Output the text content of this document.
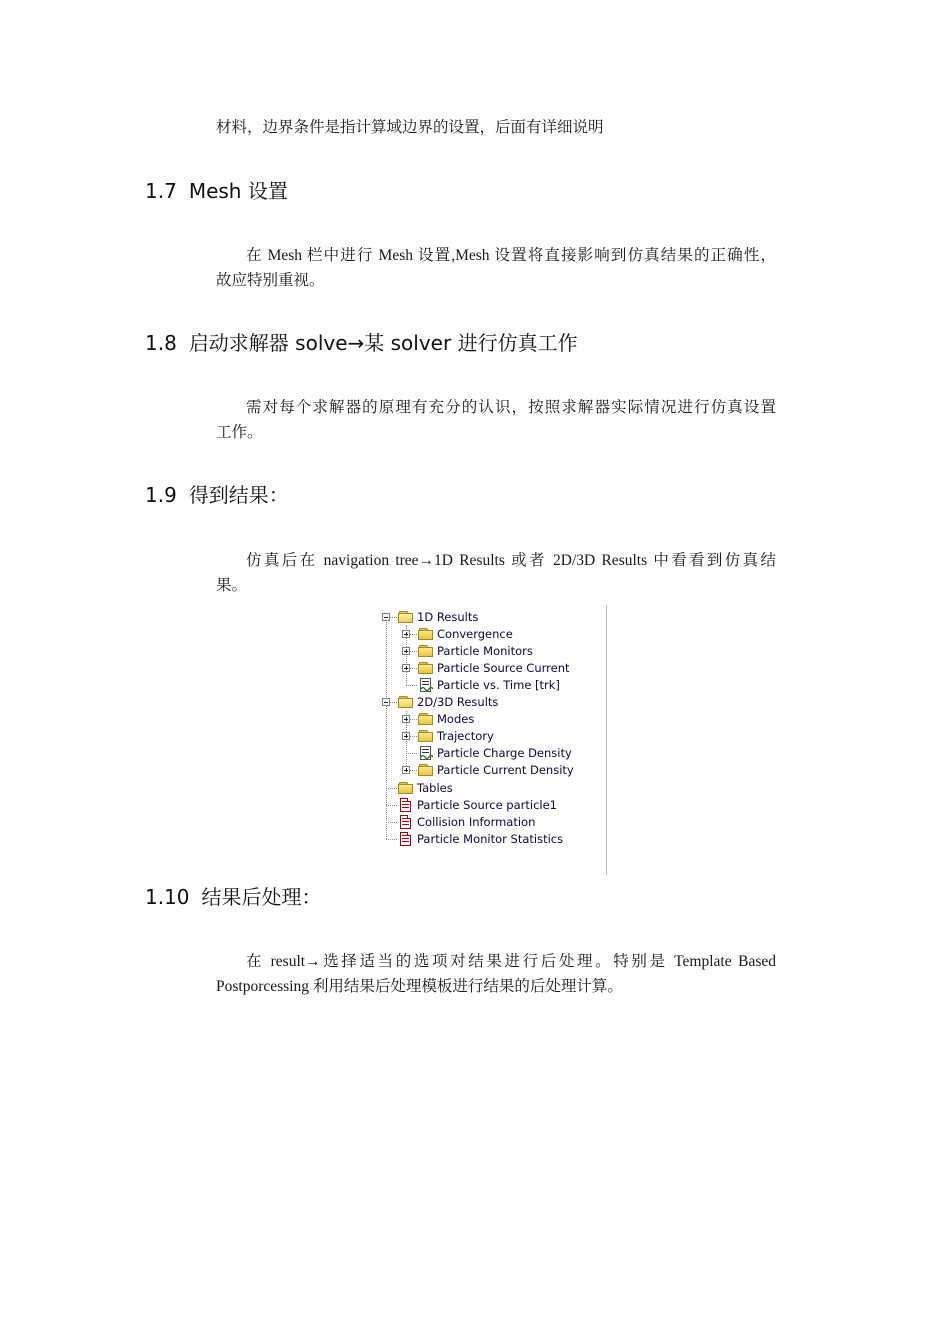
材料，边界条件是指计算域边界的设置，后面有详细说明
1.7 Mesh 设置
在 Mesh 栏中进行 Mesh 设置,Mesh 设置将直接影响到仿真结果的正确性，
故应特别重视。
1.8 启动求解器 solve→某 solver 进行仿真工作
需对每个求解器的原理有充分的认识，按照求解器实际情况进行仿真设置
工作。
1.9 得到结果：
仿真后在 navigation tree→1D Results 或者 2D/3D Results 中看看到仿真结
果。
1D Results
Convergence
Particle Monitors
Particle Source Current
Particle vs. Time [trk]
2D/3D Results
Modes
Trajectory
Particle Charge Density
Particle Current Density
Tables
Particle Source particle1
Collision Information
Particle Monitor Statistics
1.10 结果后处理：
在 result→选择适当的选项对结果进行后处理。特别是 Template Based
Postporcessing 利用结果后处理模板进行结果的后处理计算。
